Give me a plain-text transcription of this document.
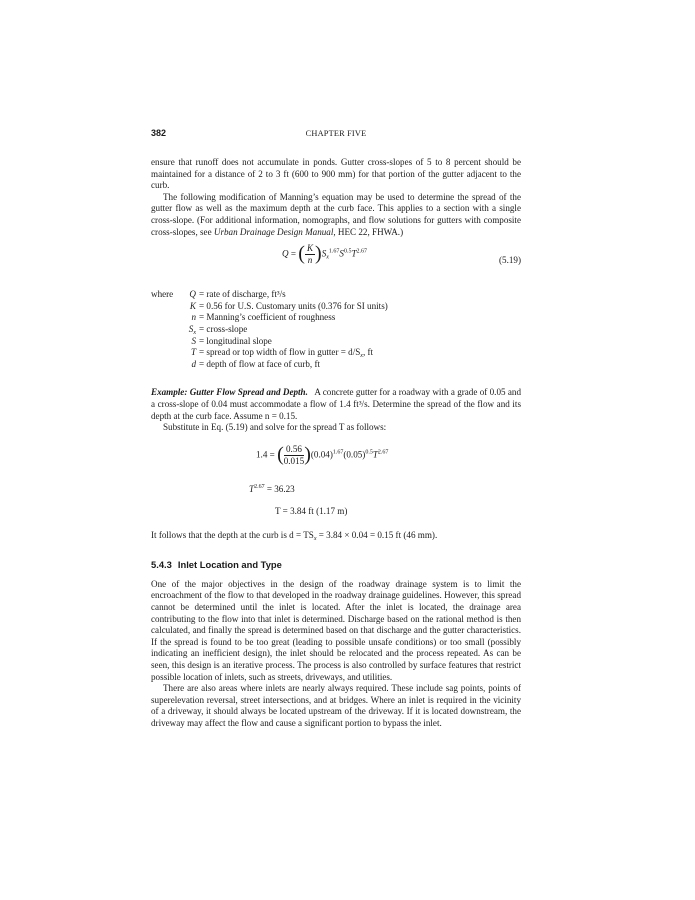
382	CHAPTER FIVE

ensure that runoff does not accumulate in ponds. Gutter cross-slopes of 5 to 8 percent should be maintained for a distance of 2 to 3 ft (600 to 900 mm) for that portion of the gutter adjacent to the curb.

The following modification of Manning’s equation may be used to determine the spread of the gutter flow as well as the maximum depth at the curb face. This applies to a section with a single cross-slope. (For additional information, nomographs, and flow solutions for gutters with composite cross-slopes, see Urban Drainage Design Manual, HEC 22, FHWA.)

Q = ( $\frac{K}{n} )S_x^{1.67}S^{0.5}T^{2.67}$
(5.19)
where Q = rate of discharge, ft³/s
K = 0.56 for U.S. Customary units (0.376 for SI units)
n = Manning’s coefficient of roughness
$S_x$ = cross-slope
S = longitudinal slope
T = spread or top width of flow in gutter = $d/S_x$, ft
d = depth of flow at face of curb, ft

Example: Gutter Flow Spread and Depth. A concrete gutter for a roadway with a grade of 0.05 and a cross-slope of 0.04 must accommodate a flow of 1.4 ft³/s. Determine the spread of the flow and its depth at the curb face. Assume n = 0.15.

Substitute in Eq. (5.19) and solve for the spread T as follows:

1.4 = ( $\frac{0.56}{0.015} )(0.04)^{1.67}(0.05)^{0.5}T^{2.67}$
$T^{2.67} = 36.23$
T = 3.84 ft (1.17 m)

It follows that the depth at the curb is $d = TS_x = 3.84 \times 0.04 = 0.15$ ft (46 mm).

5.4.3 Inlet Location and Type

One of the major objectives in the design of the roadway drainage system is to limit the encroachment of the flow to that developed in the roadway drainage guidelines. However, this spread cannot be determined until the inlet is located. After the inlet is located, the drainage area contributing to the flow into that inlet is determined. Discharge based on the rational method is then calculated, and finally the spread is determined based on that discharge and the gutter characteristics. If the spread is found to be too great (leading to possible unsafe conditions) or too small (possibly indicating an inefficient design), the inlet should be relocated and the process repeated. As can be seen, this design is an iterative process. The process is also controlled by surface features that restrict possible location of inlets, such as streets, driveways, and utilities.

There are also areas where inlets are nearly always required. These include sag points, points of superelevation reversal, street intersections, and at bridges. Where an inlet is required in the vicinity of a driveway, it should always be located upstream of the driveway. If it is located downstream, the driveway may affect the flow and cause a significant portion to bypass the inlet.
